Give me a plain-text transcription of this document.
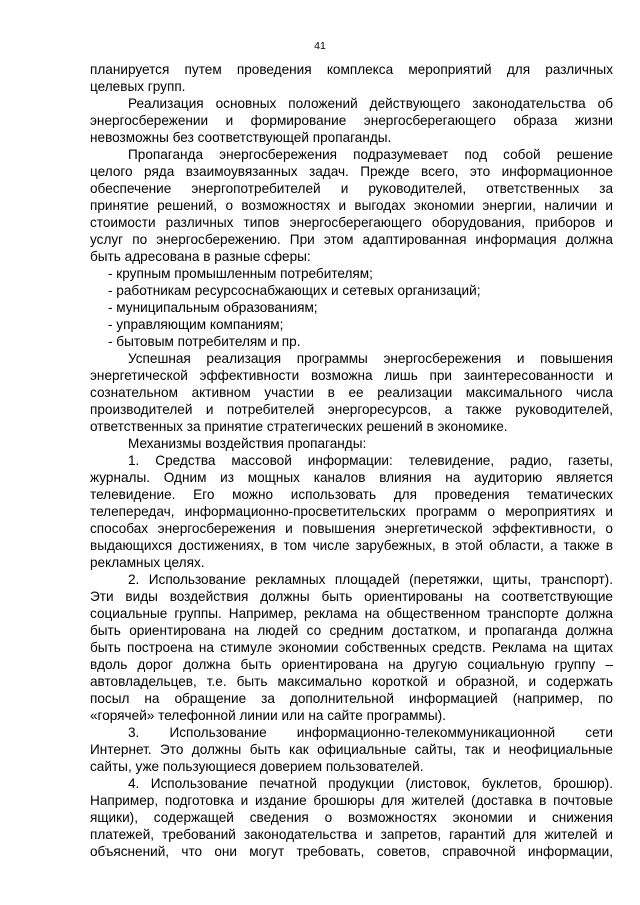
41
планируется путем проведения комплекса мероприятий для различных
целевых групп.
Реализация основных положений действующего законодательства об
энергосбережении и формирование энергосберегающего образа жизни
невозможны без соответствующей пропаганды.
Пропаганда энергосбережения подразумевает под собой решение
целого ряда взаимоувязанных задач. Прежде всего, это информационное
обеспечение энергопотребителей и руководителей, ответственных за
принятие решений, о возможностях и выгодах экономии энергии, наличии и
стоимости различных типов энергосберегающего оборудования, приборов и
услуг по энергосбережению. При этом адаптированная информация должна
быть адресована в разные сферы:
- крупным промышленным потребителям;
- работникам ресурсоснабжающих и сетевых организаций;
- муниципальным образованиям;
- управляющим компаниям;
- бытовым потребителям и пр.
Успешная реализация программы энергосбережения и повышения
энергетической эффективности возможна лишь при заинтересованности и
сознательном активном участии в ее реализации максимального числа
производителей и потребителей энергоресурсов, а также руководителей,
ответственных за принятие стратегических решений в экономике.
Механизмы воздействия пропаганды:
1. Средства массовой информации: телевидение, радио, газеты,
журналы. Одним из мощных каналов влияния на аудиторию является
телевидение. Его можно использовать для проведения тематических
телепередач, информационно-просветительских программ о мероприятиях и
способах энергосбережения и повышения энергетической эффективности, о
выдающихся достижениях, в том числе зарубежных, в этой области, а также в
рекламных целях.
2. Использование рекламных площадей (перетяжки, щиты, транспорт).
Эти виды воздействия должны быть ориентированы на соответствующие
социальные группы. Например, реклама на общественном транспорте должна
быть ориентирована на людей со средним достатком, и пропаганда должна
быть построена на стимуле экономии собственных средств. Реклама на щитах
вдоль дорог должна быть ориентирована на другую социальную группу –
автовладельцев, т.е. быть максимально короткой и образной, и содержать
посыл на обращение за дополнительной информацией (например, по
«горячей» телефонной линии или на сайте программы).
3. Использование информационно-телекоммуникационной сети
Интернет. Это должны быть как официальные сайты, так и неофициальные
сайты, уже пользующиеся доверием пользователей.
4. Использование печатной продукции (листовок, буклетов, брошюр).
Например, подготовка и издание брошюры для жителей (доставка в почтовые
ящики), содержащей сведения о возможностях экономии и снижения
платежей, требований законодательства и запретов, гарантий для жителей и
объяснений, что они могут требовать, советов, справочной информации,
